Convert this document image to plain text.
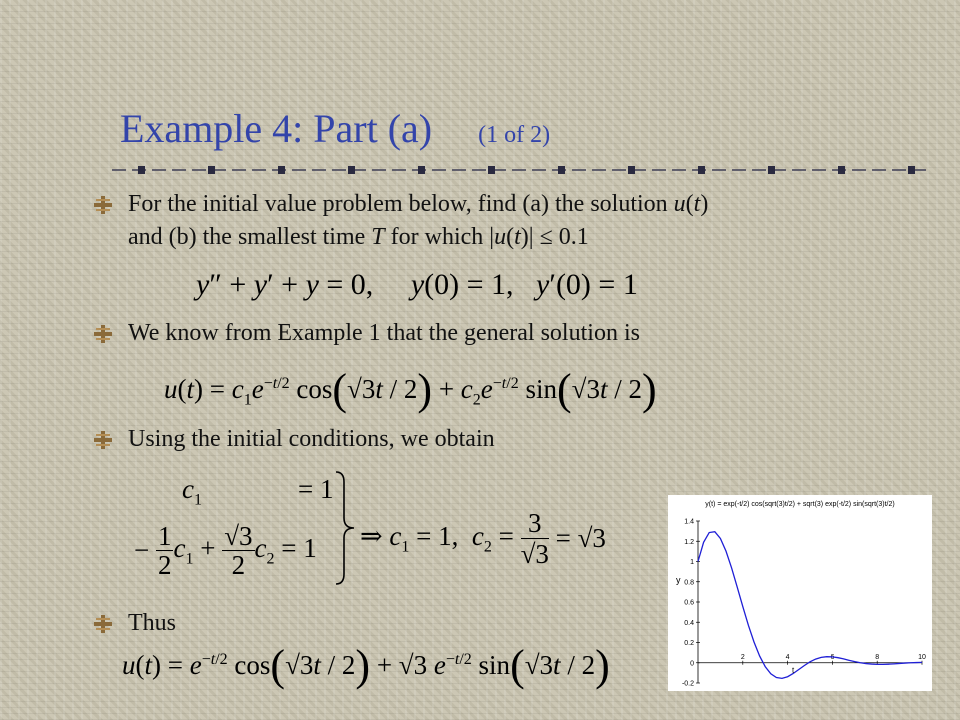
Example 4: Part (a) (1 of 2)
For the initial value problem below, find (a) the solution u(t)
and (b) the smallest time T for which |u(t)| ≤ 0.1
y″ + y′ + y = 0,     y(0) = 1,   y′(0) = 1
We know from Example 1 that the general solution is
$u(t) = c_1e^{-t/2}$ $\cos(√3t / 2) + c_2e^{-t/2}$ sin(√3t / 2)
Using the initial conditions, we obtain
$c_1$	= 1
− $\frac{1}{2} c_1 + \frac{√3}{2} c_2 = 1$ ⇒ $c_1 = 1$,  $c_2 = \frac{3}{√3} = √3$
Thus
$u(t) = e^{-t/2}$ cos(√3t / 2) + √3 $e^{-t/2}$ sin(√3t / 2)
y(t) = exp(-t/2) cos(sqrt(3)t/2) + sqrt(3) exp(-t/2) sin(sqrt(3)t/2)
2	4	6	8	10
1.4
1.2
1
0.8
0.6
0.4
0.2
0
-0.2
y
t
